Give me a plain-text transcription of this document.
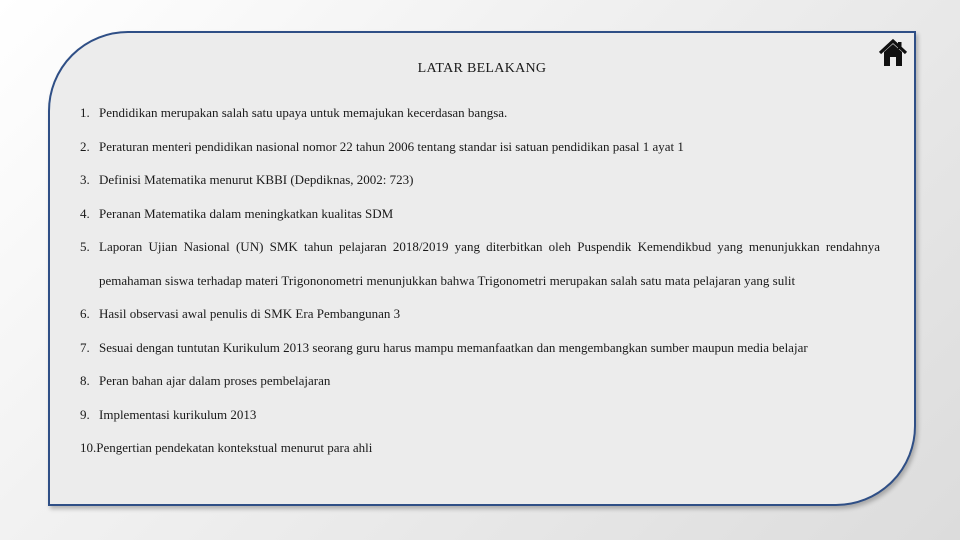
LATAR BELAKANG
1. Pendidikan merupakan salah satu upaya untuk memajukan kecerdasan bangsa.
2. Peraturan menteri pendidikan nasional nomor 22 tahun 2006 tentang standar isi satuan pendidikan pasal 1 ayat 1
3. Definisi Matematika menurut KBBI (Depdiknas, 2002: 723)
4. Peranan Matematika dalam meningkatkan kualitas SDM
5. Laporan Ujian Nasional (UN) SMK tahun pelajaran 2018/2019 yang diterbitkan oleh Puspendik Kemendikbud yang menunjukkan rendahnya pemahaman siswa terhadap materi Trigononometri menunjukkan bahwa Trigonometri merupakan salah satu mata pelajaran yang sulit
6. Hasil observasi awal penulis di SMK Era Pembangunan 3
7. Sesuai dengan tuntutan Kurikulum 2013 seorang guru harus mampu memanfaatkan dan mengembangkan sumber maupun media belajar
8. Peran bahan ajar dalam proses pembelajaran
9. Implementasi kurikulum 2013
10. Pengertian pendekatan kontekstual menurut para ahli
